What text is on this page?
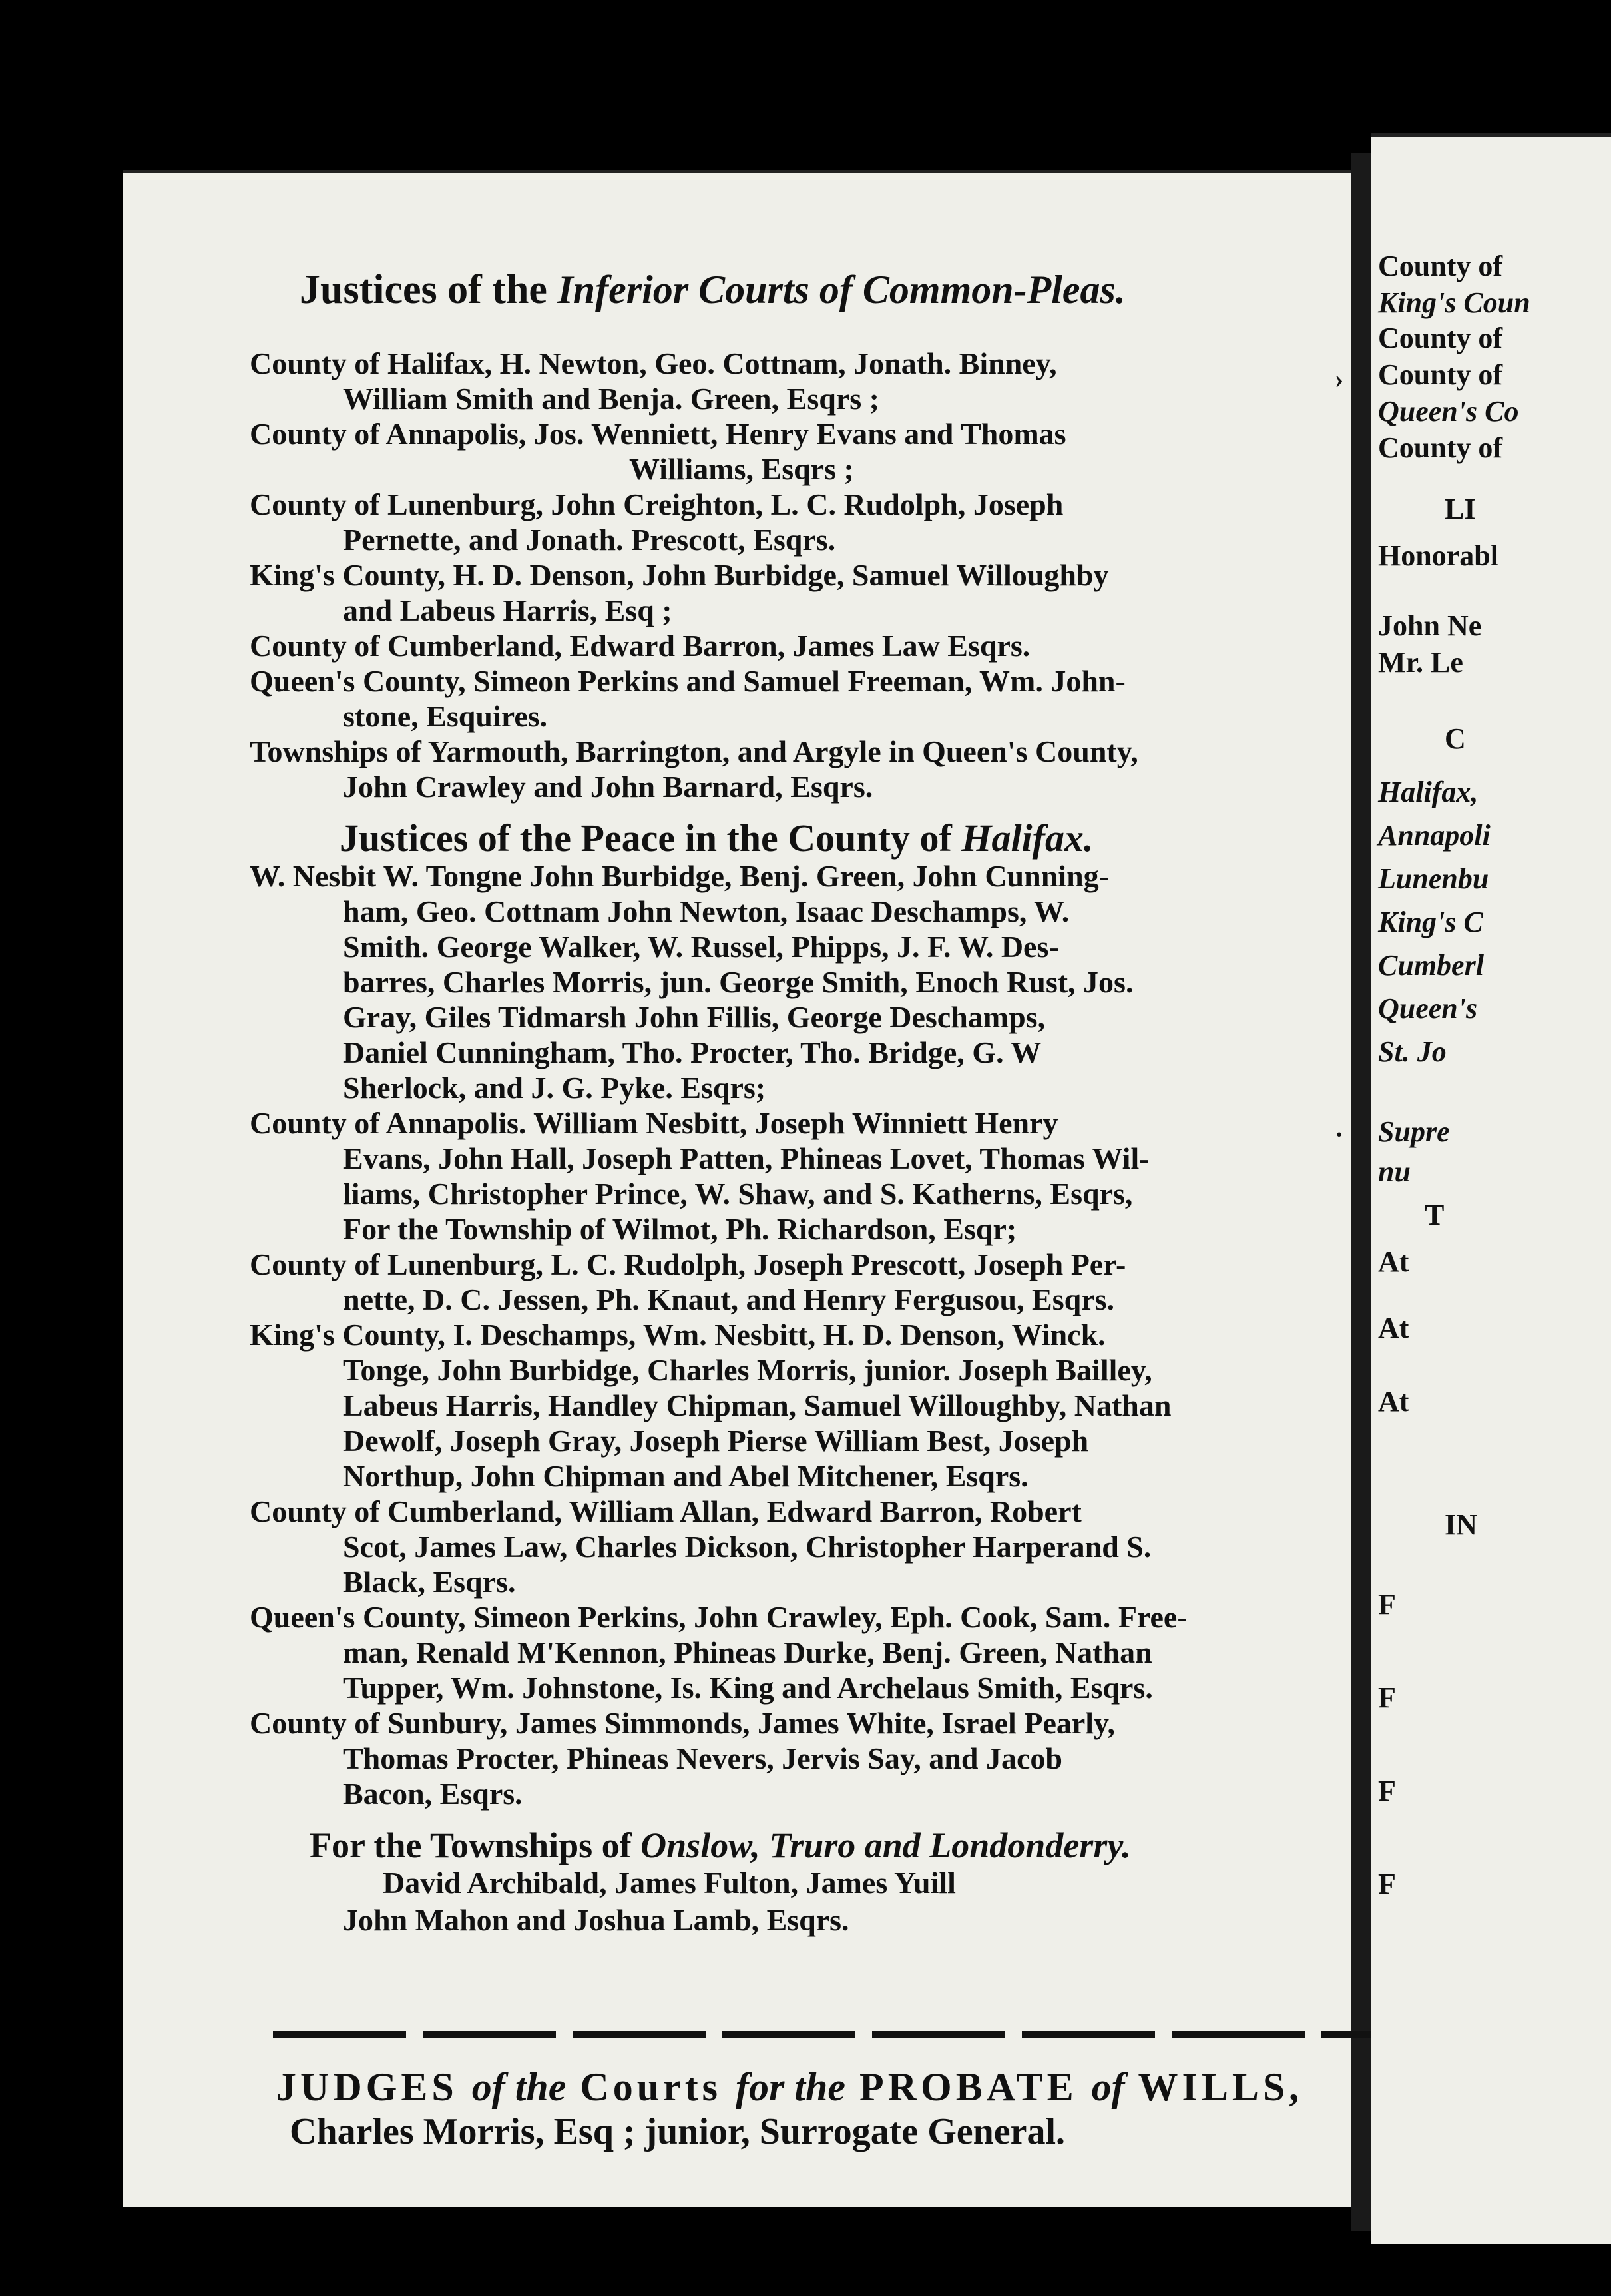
Justices of the Inferior Courts of Common-Pleas.
County of Halifax, H. Newton, Geo. Cottnam, Jonath. Binney,
William Smith and Benja. Green, Esqrs ;
County of Annapolis, Jos. Wenniett, Henry Evans and Thomas
Williams, Esqrs ;
County of Lunenburg, John Creighton, L. C. Rudolph, Joseph
Pernette, and Jonath. Prescott, Esqrs.
King's County, H. D. Denson, John Burbidge, Samuel Willoughby
and Labeus Harris, Esq ;
County of Cumberland, Edward Barron, James Law Esqrs.
Queen's County, Simeon Perkins and Samuel Freeman, Wm. John-
stone, Esquires.
Townships of Yarmouth, Barrington, and Argyle in Queen's County,
John Crawley and John Barnard, Esqrs.
Justices of the Peace in the County of Halifax.
W. Nesbit W. Tongne John Burbidge, Benj. Green, John Cunning-
ham, Geo. Cottnam John Newton, Isaac Deschamps, W.
Smith. George Walker, W. Russel, Phipps, J. F. W. Des-
barres, Charles Morris, jun. George Smith, Enoch Rust, Jos.
Gray, Giles Tidmarsh John Fillis, George Deschamps,
Daniel Cunningham, Tho. Procter, Tho. Bridge, G. W
Sherlock, and J. G. Pyke. Esqrs;
County of Annapolis. William Nesbitt, Joseph Winniett Henry
Evans, John Hall, Joseph Patten, Phineas Lovet, Thomas Wil-
liams, Christopher Prince, W. Shaw, and S. Katherns, Esqrs,
For the Township of Wilmot, Ph. Richardson, Esqr;
County of Lunenburg, L. C. Rudolph, Joseph Prescott, Joseph Per-
nette, D. C. Jessen, Ph. Knaut, and Henry Fergusou, Esqrs.
King's County, I. Deschamps, Wm. Nesbitt, H. D. Denson, Winck.
Tonge, John Burbidge, Charles Morris, junior. Joseph Bailley,
Labeus Harris, Handley Chipman, Samuel Willoughby, Nathan
Dewolf, Joseph Gray, Joseph Pierse William Best, Joseph
Northup, John Chipman and Abel Mitchener, Esqrs.
County of Cumberland, William Allan, Edward Barron, Robert
Scot, James Law, Charles Dickson, Christopher Harperand S.
Black, Esqrs.
Queen's County, Simeon Perkins, John Crawley, Eph. Cook, Sam. Free-
man, Renald M'Kennon, Phineas Durke, Benj. Green, Nathan
Tupper, Wm. Johnstone, Is. King and Archelaus Smith, Esqrs.
County of Sunbury, James Simmonds, James White, Israel Pearly,
Thomas Procter, Phineas Nevers, Jervis Say, and Jacob
Bacon, Esqrs.
For the Townships of Onslow, Truro and Londonderry.
David Archibald, James Fulton, James Yuill
John Mahon and Joshua Lamb, Esqrs.
JUDGES of the Courts for the PROBATE of WILLS,
Charles Morris, Esq ; junior, Surrogate General.
›
·
County of
King's Coun
County of
County of
Queen's Co
County of
LI
Honorabl
John Ne
Mr. Le
C
Halifax,
Annapoli
Lunenbu
King's C
Cumberl
Queen's
St. Jo
Supre
nu
T
At
At
At
IN
F
F
F
F
